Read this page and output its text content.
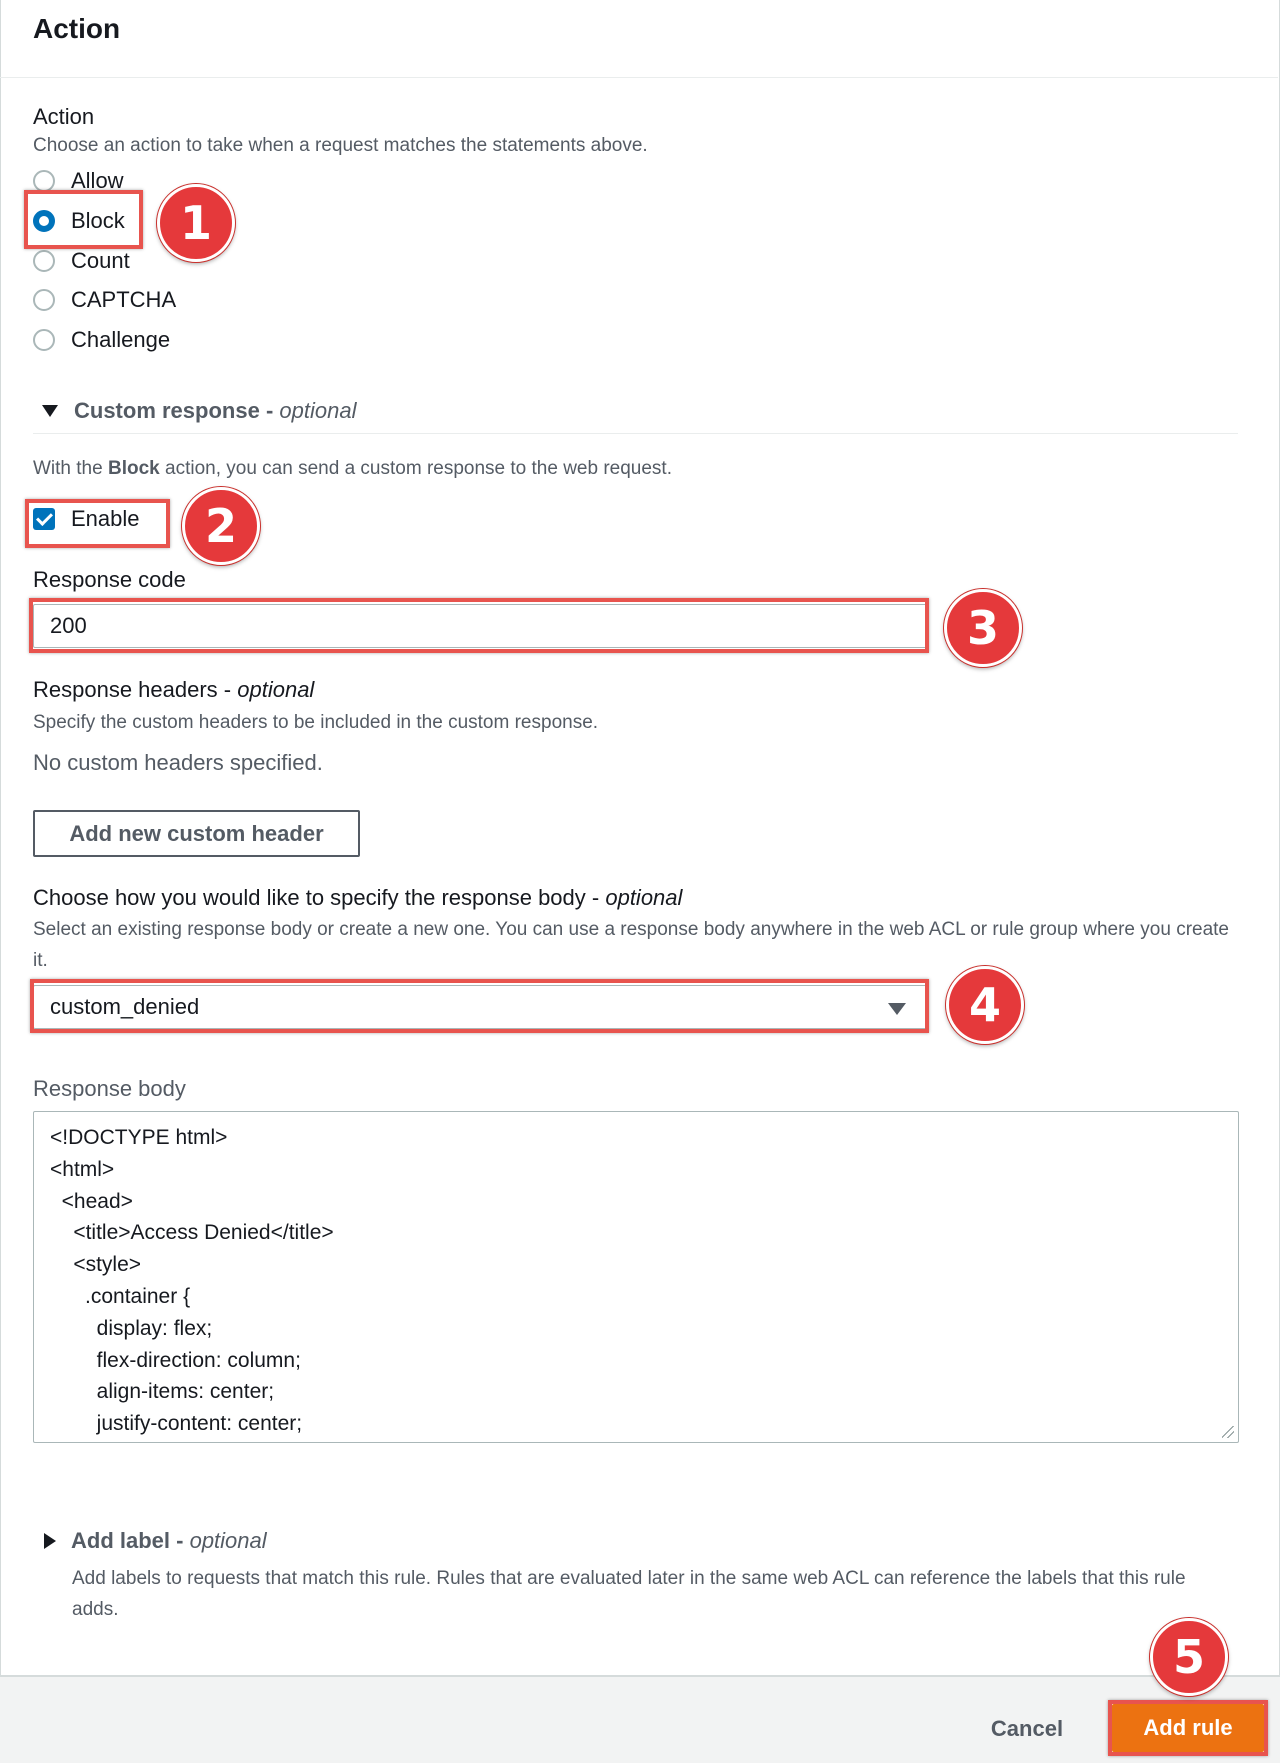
Action
Action
Choose an action to take when a request matches the statements above.
Allow
Block
Count
CAPTCHA
Challenge
Custom response - optional
With the Block action, you can send a custom response to the web request.
Enable
Response code
200
Response headers - optional
Specify the custom headers to be included in the custom response.
No custom headers specified.
Add new custom header
Choose how you would like to specify the response body - optional
Select an existing response body or create a new one. You can use a response body anywhere in the web ACL or rule group where you create
it.
custom_denied
Response body
<!DOCTYPE html>
<html>
<head>
<title>Access Denied</title>
<style>
.container {
display: flex;
flex-direction: column;
align-items: center;
justify-content: center;
Add label - optional
Add labels to requests that match this rule. Rules that are evaluated later in the same web ACL can reference the labels that this rule
adds.
Cancel	Add rule
1
2
3
4
5
